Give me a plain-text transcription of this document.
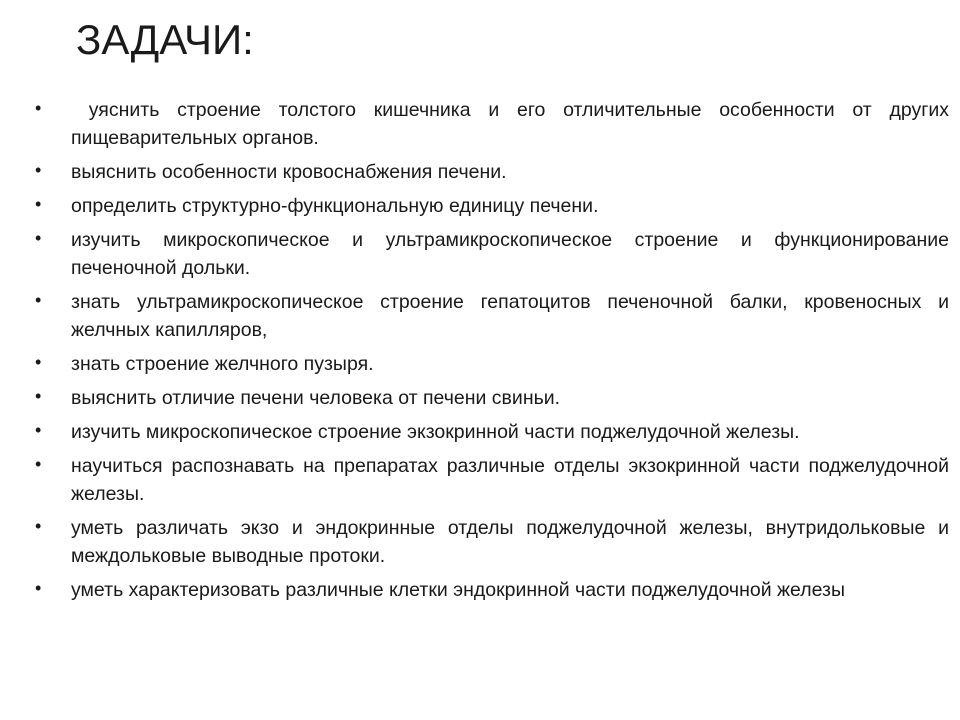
ЗАДАЧИ:
• уяснить строение толстого кишечника и его отличительные особенности от других пищеварительных органов.
• выяснить особенности кровоснабжения печени.
• определить структурно-функциональную единицу печени.
• изучить микроскопическое и ультрамикроскопическое строение и функционирование печеночной дольки.
• знать ультрамикроскопическое строение гепатоцитов печеночной балки, кровеносных и желчных капилляров,
• знать строение желчного пузыря.
• выяснить отличие печени человека от печени свиньи.
• изучить микроскопическое строение экзокринной части поджелудочной железы.
• научиться распознавать на препаратах различные отделы экзокринной части поджелудочной железы.
• уметь различать экзо и эндокринные отделы поджелудочной железы, внутридольковые и междольковые выводные протоки.
• уметь характеризовать различные клетки эндокринной части поджелудочной железы
